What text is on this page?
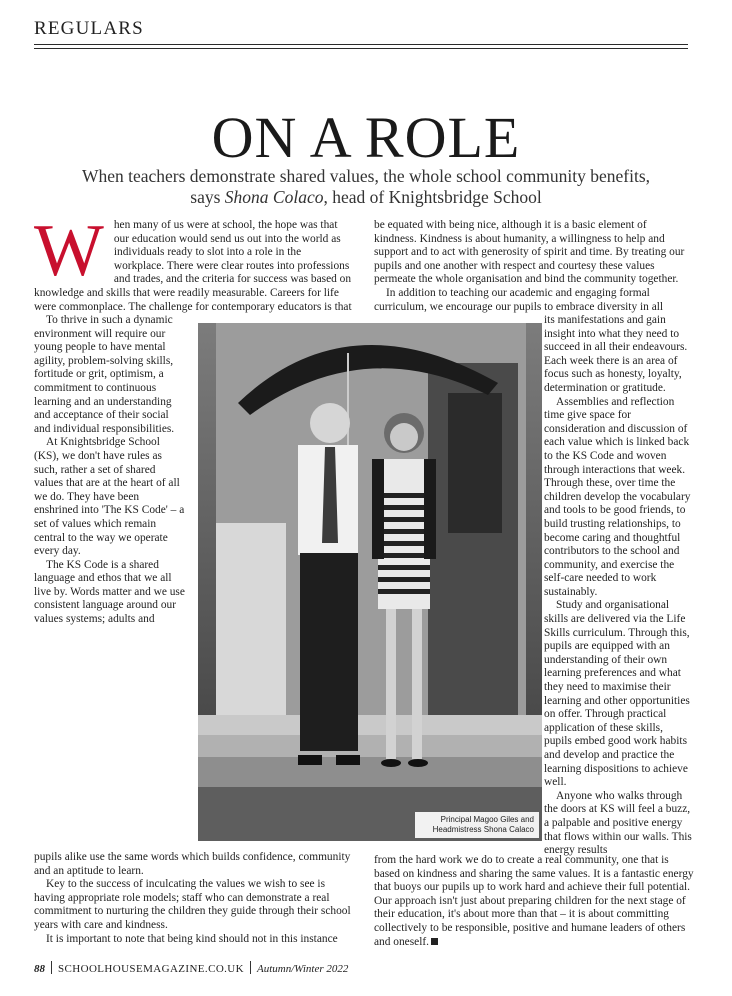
REGULARS
ON A ROLE
When teachers demonstrate shared values, the whole school community benefits, says Shona Colaco, head of Knightsbridge School

When many of us were at school, the hope was that our education would send us out into the world as individuals ready to slot into a role in the workplace. There were clear routes into professions and trades, and the criteria for success was based on knowledge and skills that were readily measurable. Careers for life were commonplace. The challenge for contemporary educators is that

To thrive in such a dynamic environment will require our young people to have mental agility, problem-solving skills, fortitude or grit, optimism, a commitment to continuous learning and an understanding and acceptance of their social and individual responsibilities.

At Knightsbridge School (KS), we don't have rules as such, rather a set of shared values that are at the heart of all we do. They have been enshrined into 'The KS Code' – a set of values which remain central to the way we operate every day.

The KS Code is a shared language and ethos that we all live by. Words matter and we use consistent language around our values systems; adults and

pupils alike use the same words which builds confidence, community and an aptitude to learn.

Key to the success of inculcating the values we wish to see is having appropriate role models; staff who can demonstrate a real commitment to nurturing the children they guide through their school years with care and kindness.

It is important to note that being kind should not in this instance

be equated with being nice, although it is a basic element of kindness. Kindness is about humanity, a willingness to help and support and to act with generosity of spirit and time. By treating our pupils and one another with respect and courtesy these values permeate the whole organisation and bind the community together.

In addition to teaching our academic and engaging formal curriculum, we encourage our pupils to embrace diversity in all

its manifestations and gain insight into what they need to succeed in all their endeavours. Each week there is an area of focus such as honesty, loyalty, determination or gratitude.

Assemblies and reflection time give space for consideration and discussion of each value which is linked back to the KS Code and woven through interactions that week. Through these, over time the children develop the vocabulary and tools to be good friends, to build trusting relationships, to become caring and thoughtful contributors to the school and community, and exercise the self-care needed to work sustainably.

Study and organisational skills are delivered via the Life Skills curriculum. Through this, pupils are equipped with an understanding of their own learning preferences and what they need to maximise their learning and other opportunities on offer. Through practical application of these skills, pupils embed good work habits and develop and practice the learning dispositions to achieve well.

Anyone who walks through the doors at KS will feel a buzz, a palpable and positive energy that flows within our walls. This energy results

from the hard work we do to create a real community, one that is based on kindness and sharing the same values. It is a fantastic energy that buoys our pupils up to work hard and achieve their full potential. Our approach isn't just about preparing children for the next stage of their education, it's about more than that – it is about committing collectively to be responsible, positive and humane leaders of others and oneself.

Principal Magoo Giles and Headmistress Shona Calaco
88 SCHOOLHOUSEMAGAZINE.CO.UK Autumn/Winter 2022
